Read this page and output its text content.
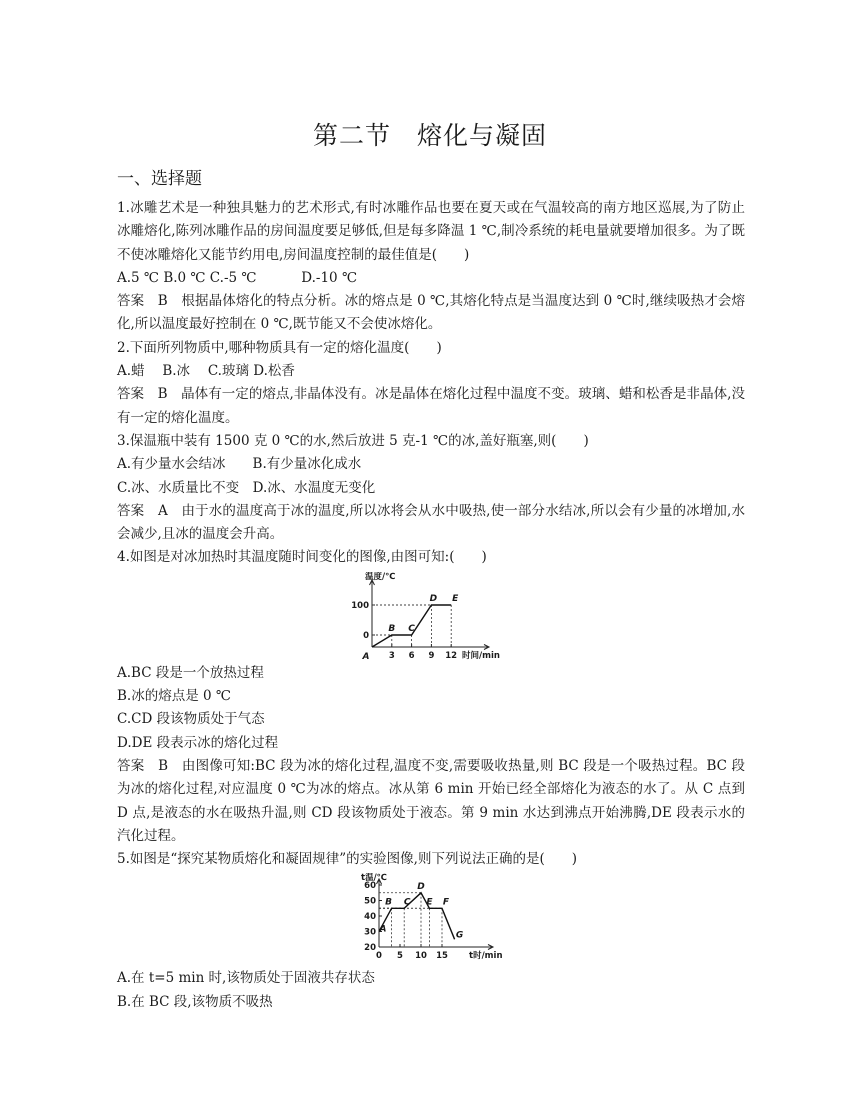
第二节　熔化与凝固
一、选择题

1.冰雕艺术是一种独具魅力的艺术形式,有时冰雕作品也要在夏天或在气温较高的南方地区巡展,为了防止冰雕熔化,陈列冰雕作品的房间温度要足够低,但是每多降温 1 ℃,制冷系统的耗电量就要增加很多。为了既不使冰雕熔化又能节约用电,房间温度控制的最佳值是(　　)

A.5 ℃ B.0 ℃ C.-5 ℃　　　 D.-10 ℃

答案　B　根据晶体熔化的特点分析。冰的熔点是 0 ℃,其熔化特点是当温度达到 0 ℃时,继续吸热才会熔化,所以温度最好控制在 0 ℃,既节能又不会使冰熔化。

2.下面所列物质中,哪种物质具有一定的熔化温度(　　)

A.蜡　 B.冰　 C.玻璃 D.松香

答案　B　晶体有一定的熔点,非晶体没有。冰是晶体在熔化过程中温度不变。玻璃、蜡和松香是非晶体,没有一定的熔化温度。

3.保温瓶中装有 1500 克 0 ℃的水,然后放进 5 克-1 ℃的冰,盖好瓶塞,则(　　)

A.有少量水会结冰　　B.有少量冰化成水

C.冰、水质量比不变　D.冰、水温度无变化

答案　A　由于水的温度高于冰的温度,所以冰将会从水中吸热,使一部分水结冰,所以会有少量的冰增加,水会减少,且冰的温度会升高。

4.如图是对冰加热时其温度随时间变化的图像,由图可知:(　　)

温度/℃
时间/min
0
100
3 6 9 12
A
B C
D E

A.BC 段是一个放热过程

B.冰的熔点是 0 ℃

C.CD 段该物质处于气态

D.DE 段表示冰的熔化过程

答案　B　由图像可知:BC 段为冰的熔化过程,温度不变,需要吸收热量,则 BC 段是一个吸热过程。BC 段为冰的熔化过程,对应温度 0 ℃为冰的熔点。冰从第 6 min 开始已经全部熔化为液态的水了。从 C 点到 D 点,是液态的水在吸热升温,则 CD 段该物质处于液态。第 9 min 水达到沸点开始沸腾,DE 段表示水的汽化过程。

5.如图是“探究某物质熔化和凝固规律”的实验图像,则下列说法正确的是(　　)

t温/℃
t时/min
20
30
40
50
60
0 5 10 15
A
B C
D
E F
G

A.在 t=5 min 时,该物质处于固液共存状态

B.在 BC 段,该物质不吸热
